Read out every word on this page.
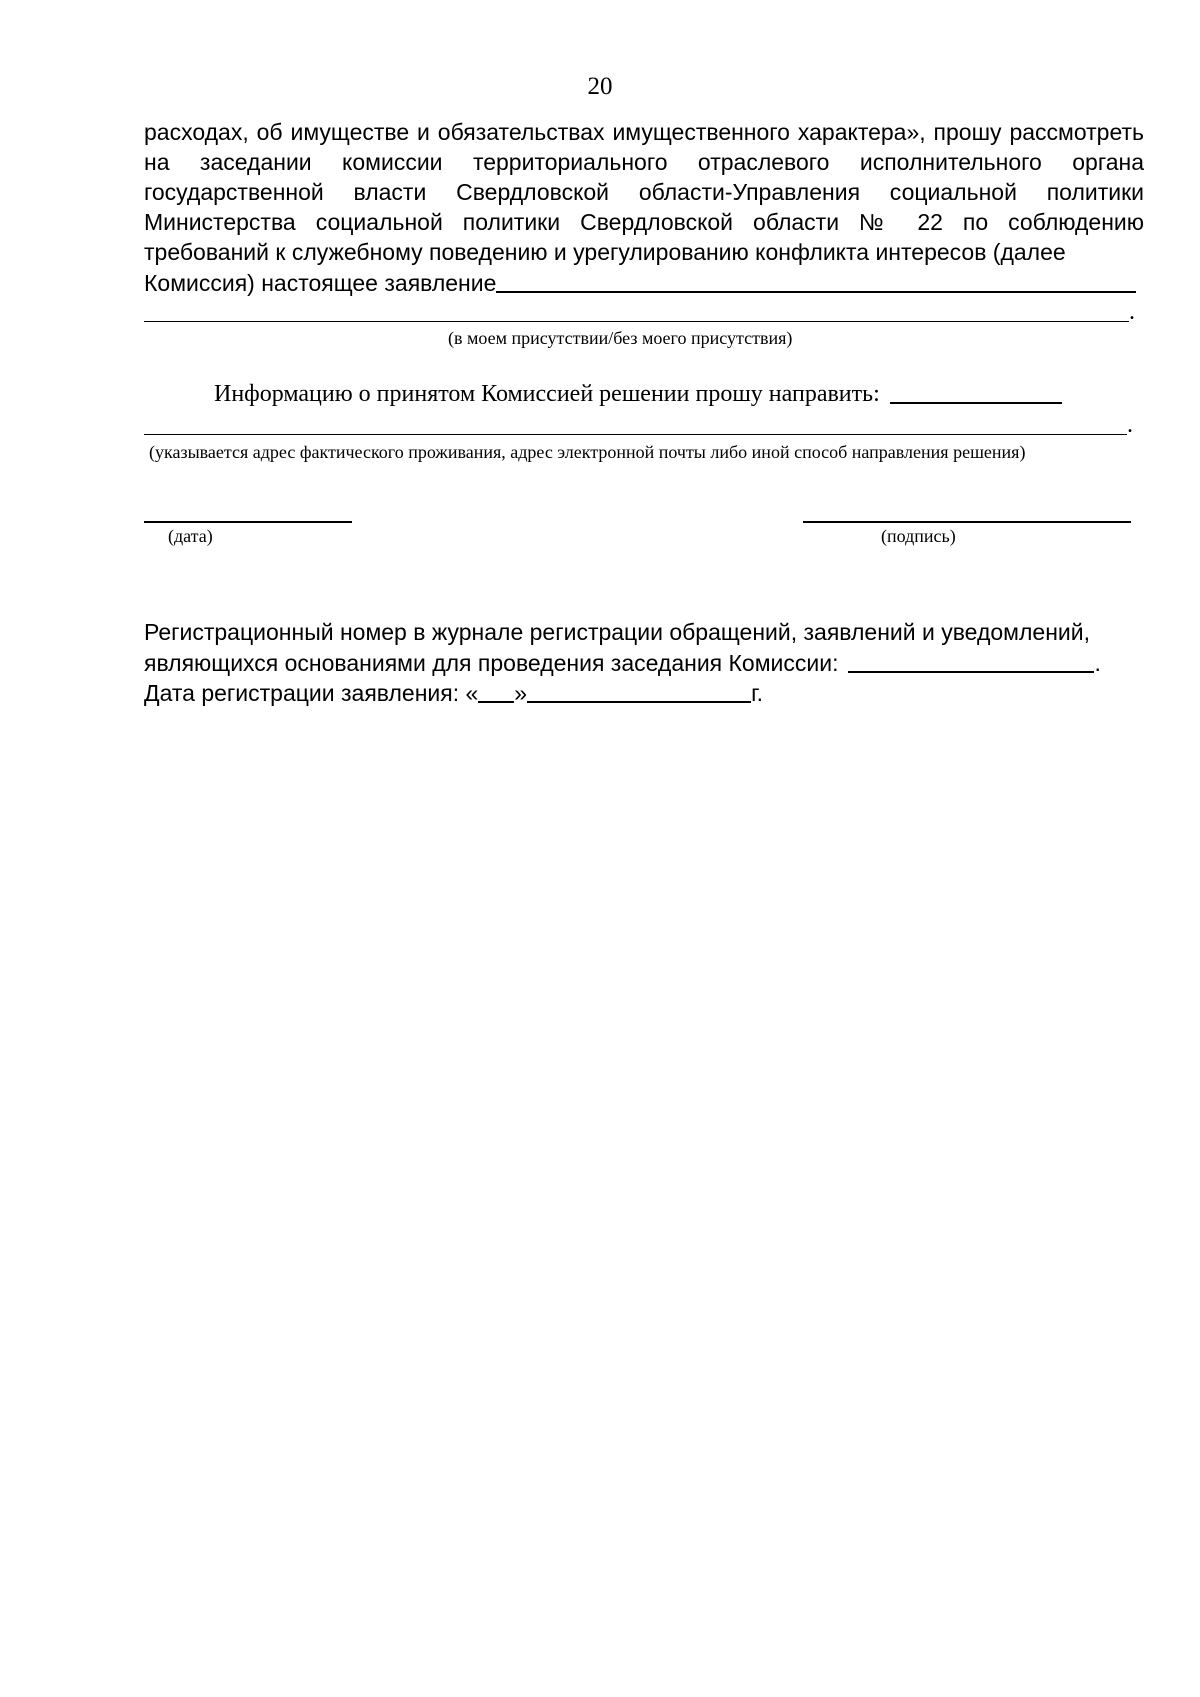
20
расходах, об имуществе и обязательствах имущественного характера», прошу рассмотреть на заседании комиссии территориального отраслевого исполнительного органа государственной власти Свердловской области-Управления социальной политики Министерства социальной политики Свердловской области № 22 по соблюдению требований к служебному поведению и урегулированию конфликта интересов (далее
Комиссия) настоящее заявление
.
(в моем присутствии/без моего присутствия)
Информацию о принятом Комиссией решении прошу направить:
.
(указывается адрес фактического проживания, адрес электронной почты либо иной способ направления решения)
(дата)	(подпись)
Регистрационный номер в журнале регистрации обращений, заявлений и уведомлений,
являющихся основаниями для проведения заседания Комиссии:	.
Дата регистрации заявления: « »	г.
